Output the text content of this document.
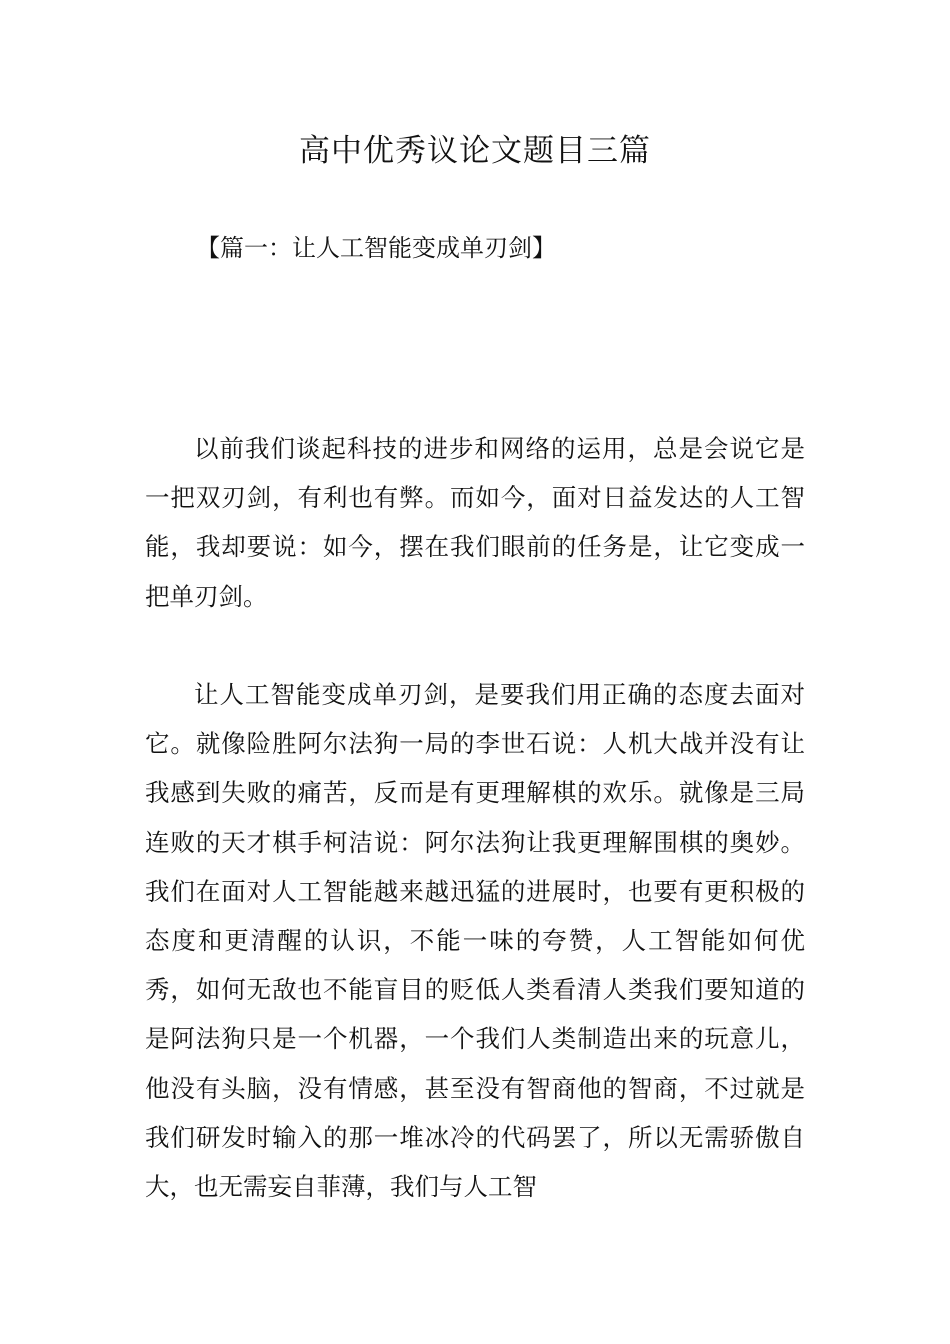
高中优秀议论文题目三篇
【篇一：让人工智能变成单刃剑】

以前我们谈起科技的进步和网络的运用，总是会说它是一把双刃剑，有利也有弊。而如今，面对日益发达的人工智能，我却要说：如今，摆在我们眼前的任务是，让它变成一把单刃剑。

让人工智能变成单刃剑，是要我们用正确的态度去面对它。就像险胜阿尔法狗一局的李世石说：人机大战并没有让我感到失败的痛苦，反而是有更理解棋的欢乐。就像是三局连败的天才棋手柯洁说：阿尔法狗让我更理解围棋的奥妙。我们在面对人工智能越来越迅猛的进展时，也要有更积极的态度和更清醒的认识，不能一味的夸赞，人工智能如何优秀，如何无敌也不能盲目的贬低人类看清人类我们要知道的是阿法狗只是一个机器，一个我们人类制造出来的玩意儿，他没有头脑，没有情感，甚至没有智商他的智商，不过就是我们研发时输入的那一堆冰冷的代码罢了，所以无需骄傲自大，也无需妄自菲薄，我们与人工智
